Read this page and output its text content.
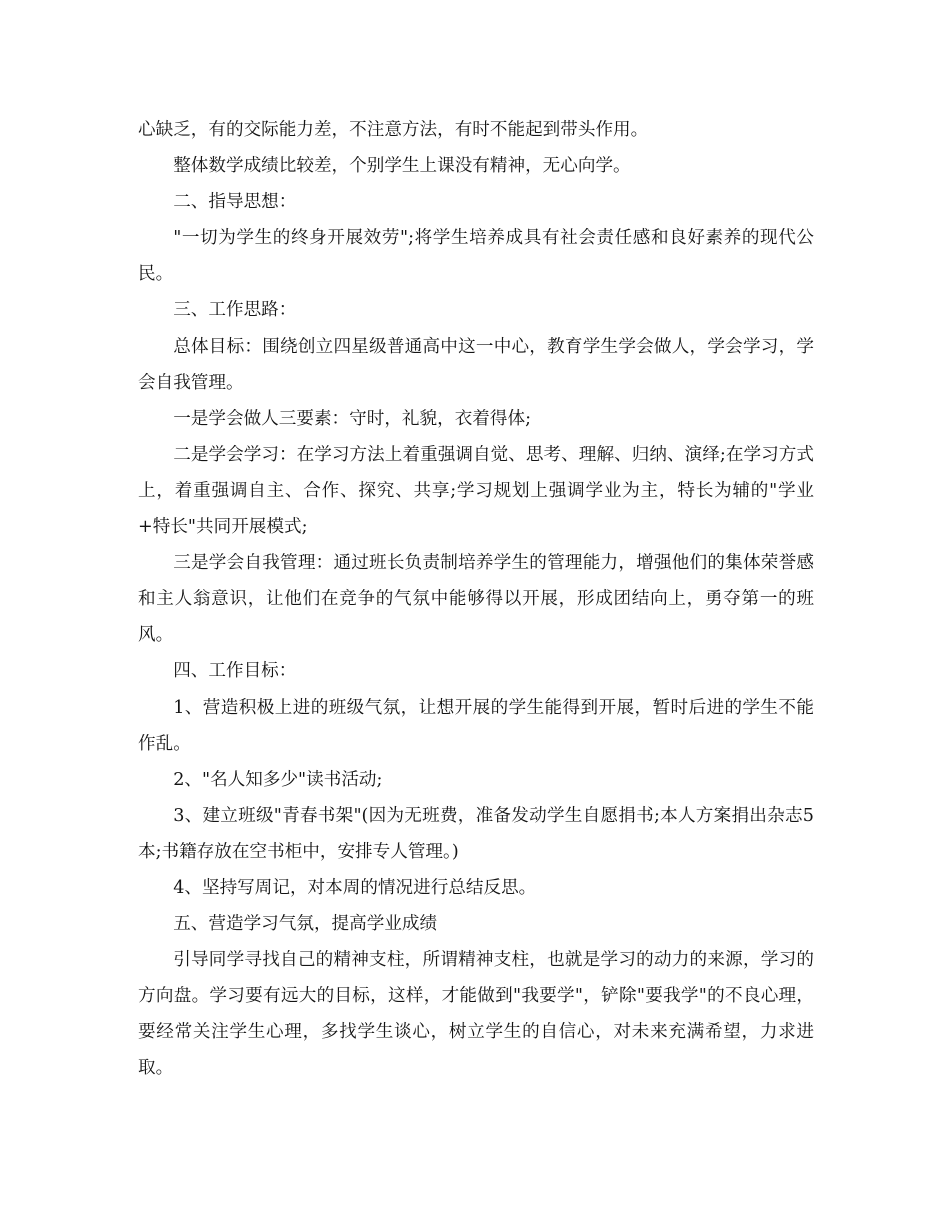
心缺乏，有的交际能力差，不注意方法，有时不能起到带头作用。

整体数学成绩比较差，个别学生上课没有精神，无心向学。

二、指导思想：

"一切为学生的终身开展效劳";将学生培养成具有社会责任感和良好素养的现代公民。

三、工作思路：

总体目标：围绕创立四星级普通高中这一中心，教育学生学会做人，学会学习，学会自我管理。

一是学会做人三要素：守时，礼貌，衣着得体;

二是学会学习：在学习方法上着重强调自觉、思考、理解、归纳、演绎;在学习方式上，着重强调自主、合作、探究、共享;学习规划上强调学业为主，特长为辅的"学业+特长"共同开展模式;

三是学会自我管理：通过班长负责制培养学生的管理能力，增强他们的集体荣誉感和主人翁意识，让他们在竞争的气氛中能够得以开展，形成团结向上，勇夺第一的班风。

四、工作目标：

1、营造积极上进的班级气氛，让想开展的学生能得到开展，暂时后进的学生不能作乱。

2、"名人知多少"读书活动;

3、建立班级"青春书架"(因为无班费，准备发动学生自愿捐书;本人方案捐出杂志5本;书籍存放在空书柜中，安排专人管理。)

4、坚持写周记，对本周的情况进行总结反思。

五、营造学习气氛，提高学业成绩

引导同学寻找自己的精神支柱，所谓精神支柱，也就是学习的动力的来源，学习的方向盘。学习要有远大的目标，这样，才能做到"我要学"，铲除"要我学"的不良心理，要经常关注学生心理，多找学生谈心，树立学生的自信心，对未来充满希望，力求进取。
